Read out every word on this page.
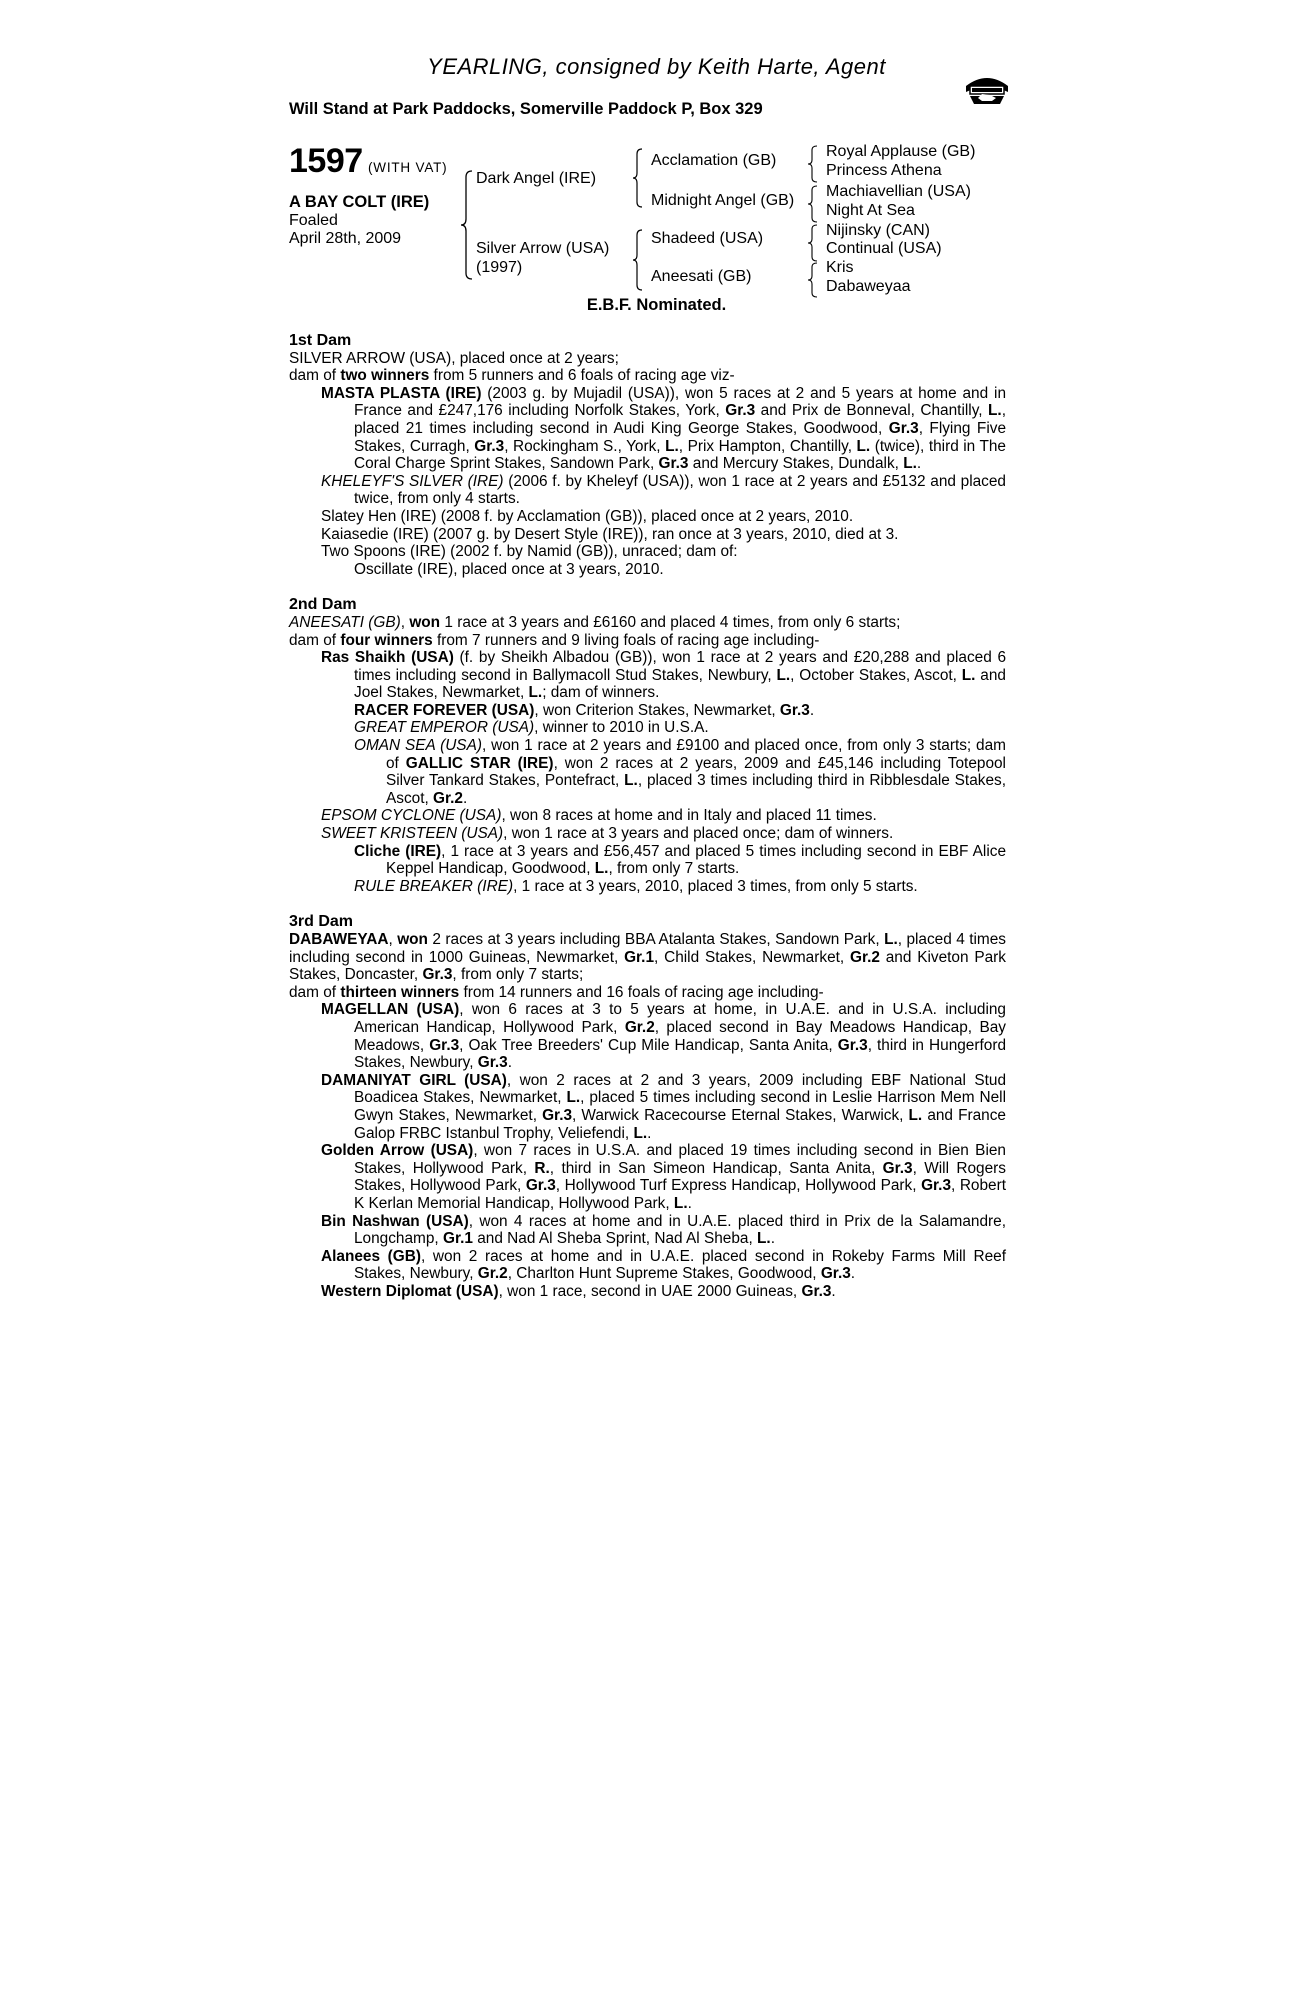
YEARLING, consigned by Keith Harte, Agent
Will Stand at Park Paddocks, Somerville Paddock P, Box 329
1597 (WITH VAT)
A BAY COLT (IRE)
Foaled
April 28th, 2009
Dark Angel (IRE)
Silver Arrow (USA)
(1997)
Acclamation (GB)
Midnight Angel (GB)
Shadeed (USA)
Aneesati (GB)
Royal Applause (GB)
Princess Athena
Machiavellian (USA)
Night At Sea
Nijinsky (CAN)
Continual (USA)
Kris
Dabaweyaa
E.B.F. Nominated.

1st Dam

SILVER ARROW (USA), placed once at 2 years;

dam of two winners from 5 runners and 6 foals of racing age viz-

MASTA PLASTA (IRE) (2003 g. by Mujadil (USA)), won 5 races at 2 and 5 years at home and in France and £247,176 including Norfolk Stakes, York, Gr.3 and Prix de Bonneval, Chantilly, L., placed 21 times including second in Audi King George Stakes, Goodwood, Gr.3, Flying Five Stakes, Curragh, Gr.3, Rockingham S., York, L., Prix Hampton, Chantilly, L. (twice), third in The Coral Charge Sprint Stakes, Sandown Park, Gr.3 and Mercury Stakes, Dundalk, L..

KHELEYF'S SILVER (IRE) (2006 f. by Kheleyf (USA)), won 1 race at 2 years and £5132 and placed twice, from only 4 starts.

Slatey Hen (IRE) (2008 f. by Acclamation (GB)), placed once at 2 years, 2010.

Kaiasedie (IRE) (2007 g. by Desert Style (IRE)), ran once at 3 years, 2010, died at 3.

Two Spoons (IRE) (2002 f. by Namid (GB)), unraced; dam of:

Oscillate (IRE), placed once at 3 years, 2010.

2nd Dam

ANEESATI (GB), won 1 race at 3 years and £6160 and placed 4 times, from only 6 starts;

dam of four winners from 7 runners and 9 living foals of racing age including-

Ras Shaikh (USA) (f. by Sheikh Albadou (GB)), won 1 race at 2 years and £20,288 and placed 6 times including second in Ballymacoll Stud Stakes, Newbury, L., October Stakes, Ascot, L. and Joel Stakes, Newmarket, L.; dam of winners.

RACER FOREVER (USA), won Criterion Stakes, Newmarket, Gr.3.

GREAT EMPEROR (USA), winner to 2010 in U.S.A.

OMAN SEA (USA), won 1 race at 2 years and £9100 and placed once, from only 3 starts; dam of GALLIC STAR (IRE), won 2 races at 2 years, 2009 and £45,146 including Totepool Silver Tankard Stakes, Pontefract, L., placed 3 times including third in Ribblesdale Stakes, Ascot, Gr.2.

EPSOM CYCLONE (USA), won 8 races at home and in Italy and placed 11 times.

SWEET KRISTEEN (USA), won 1 race at 3 years and placed once; dam of winners.

Cliche (IRE), 1 race at 3 years and £56,457 and placed 5 times including second in EBF Alice Keppel Handicap, Goodwood, L., from only 7 starts.

RULE BREAKER (IRE), 1 race at 3 years, 2010, placed 3 times, from only 5 starts.

3rd Dam

DABAWEYAA, won 2 races at 3 years including BBA Atalanta Stakes, Sandown Park, L., placed 4 times including second in 1000 Guineas, Newmarket, Gr.1, Child Stakes, Newmarket, Gr.2 and Kiveton Park Stakes, Doncaster, Gr.3, from only 7 starts;

dam of thirteen winners from 14 runners and 16 foals of racing age including-

MAGELLAN (USA), won 6 races at 3 to 5 years at home, in U.A.E. and in U.S.A. including American Handicap, Hollywood Park, Gr.2, placed second in Bay Meadows Handicap, Bay Meadows, Gr.3, Oak Tree Breeders' Cup Mile Handicap, Santa Anita, Gr.3, third in Hungerford Stakes, Newbury, Gr.3.

DAMANIYAT GIRL (USA), won 2 races at 2 and 3 years, 2009 including EBF National Stud Boadicea Stakes, Newmarket, L., placed 5 times including second in Leslie Harrison Mem Nell Gwyn Stakes, Newmarket, Gr.3, Warwick Racecourse Eternal Stakes, Warwick, L. and France Galop FRBC Istanbul Trophy, Veliefendi, L..

Golden Arrow (USA), won 7 races in U.S.A. and placed 19 times including second in Bien Bien Stakes, Hollywood Park, R., third in San Simeon Handicap, Santa Anita, Gr.3, Will Rogers Stakes, Hollywood Park, Gr.3, Hollywood Turf Express Handicap, Hollywood Park, Gr.3, Robert K Kerlan Memorial Handicap, Hollywood Park, L..

Bin Nashwan (USA), won 4 races at home and in U.A.E. placed third in Prix de la Salamandre, Longchamp, Gr.1 and Nad Al Sheba Sprint, Nad Al Sheba, L..

Alanees (GB), won 2 races at home and in U.A.E. placed second in Rokeby Farms Mill Reef Stakes, Newbury, Gr.2, Charlton Hunt Supreme Stakes, Goodwood, Gr.3.

Western Diplomat (USA), won 1 race, second in UAE 2000 Guineas, Gr.3.
